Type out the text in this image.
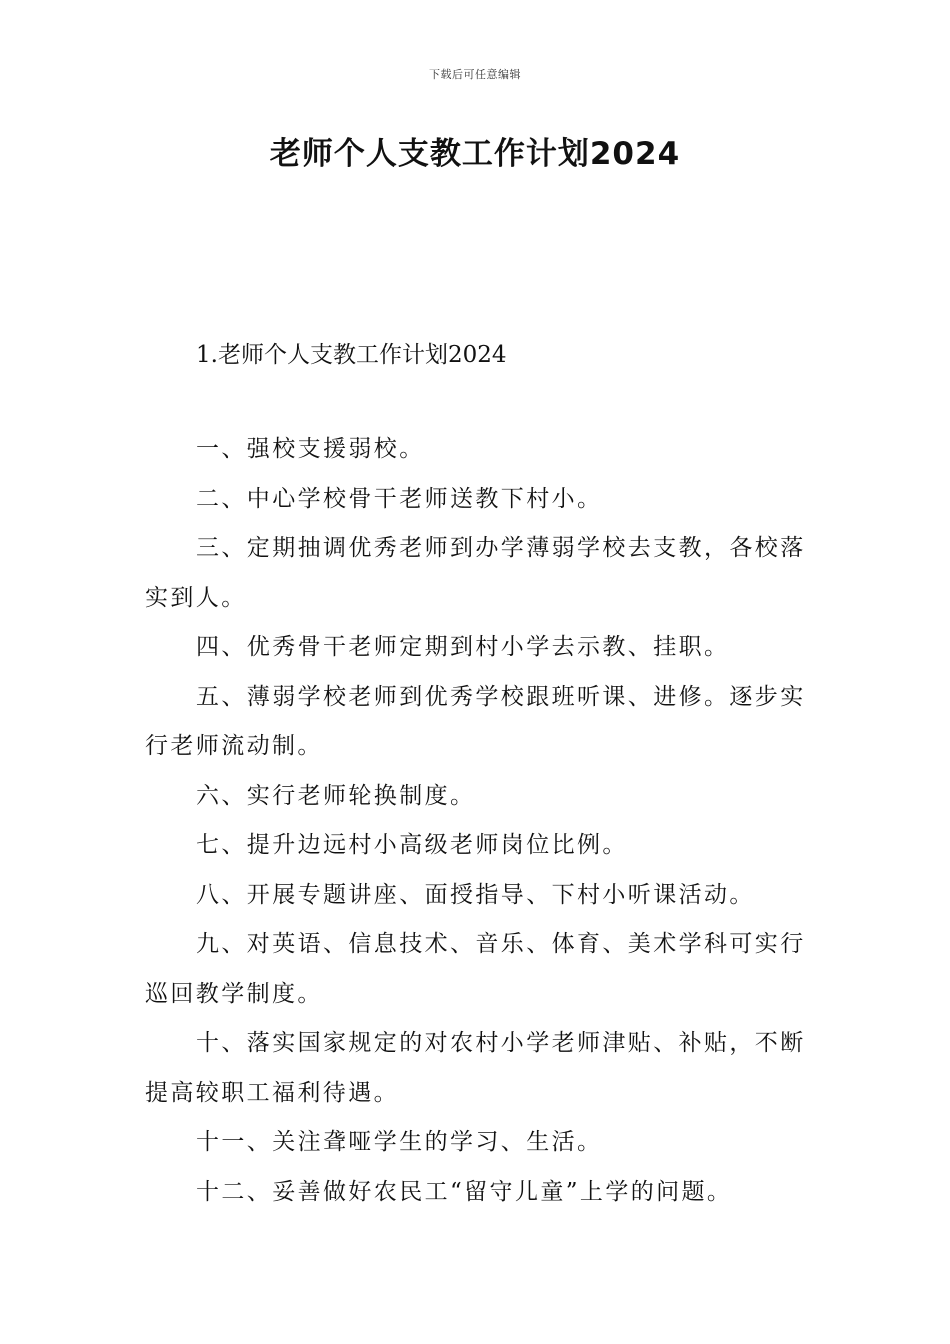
下载后可任意编辑
老师个人支教工作计划2024

1.老师个人支教工作计划2024

一、强校支援弱校。

二、中心学校骨干老师送教下村小。

三、定期抽调优秀老师到办学薄弱学校去支教，各校落实到人。

四、优秀骨干老师定期到村小学去示教、挂职。

五、薄弱学校老师到优秀学校跟班听课、进修。逐步实行老师流动制。

六、实行老师轮换制度。

七、提升边远村小高级老师岗位比例。

八、开展专题讲座、面授指导、下村小听课活动。

九、对英语、信息技术、音乐、体育、美术学科可实行巡回教学制度。

十、落实国家规定的对农村小学老师津贴、补贴，不断提高较职工福利待遇。

十一、关注聋哑学生的学习、生活。

十二、妥善做好农民工“留守儿童”上学的问题。
